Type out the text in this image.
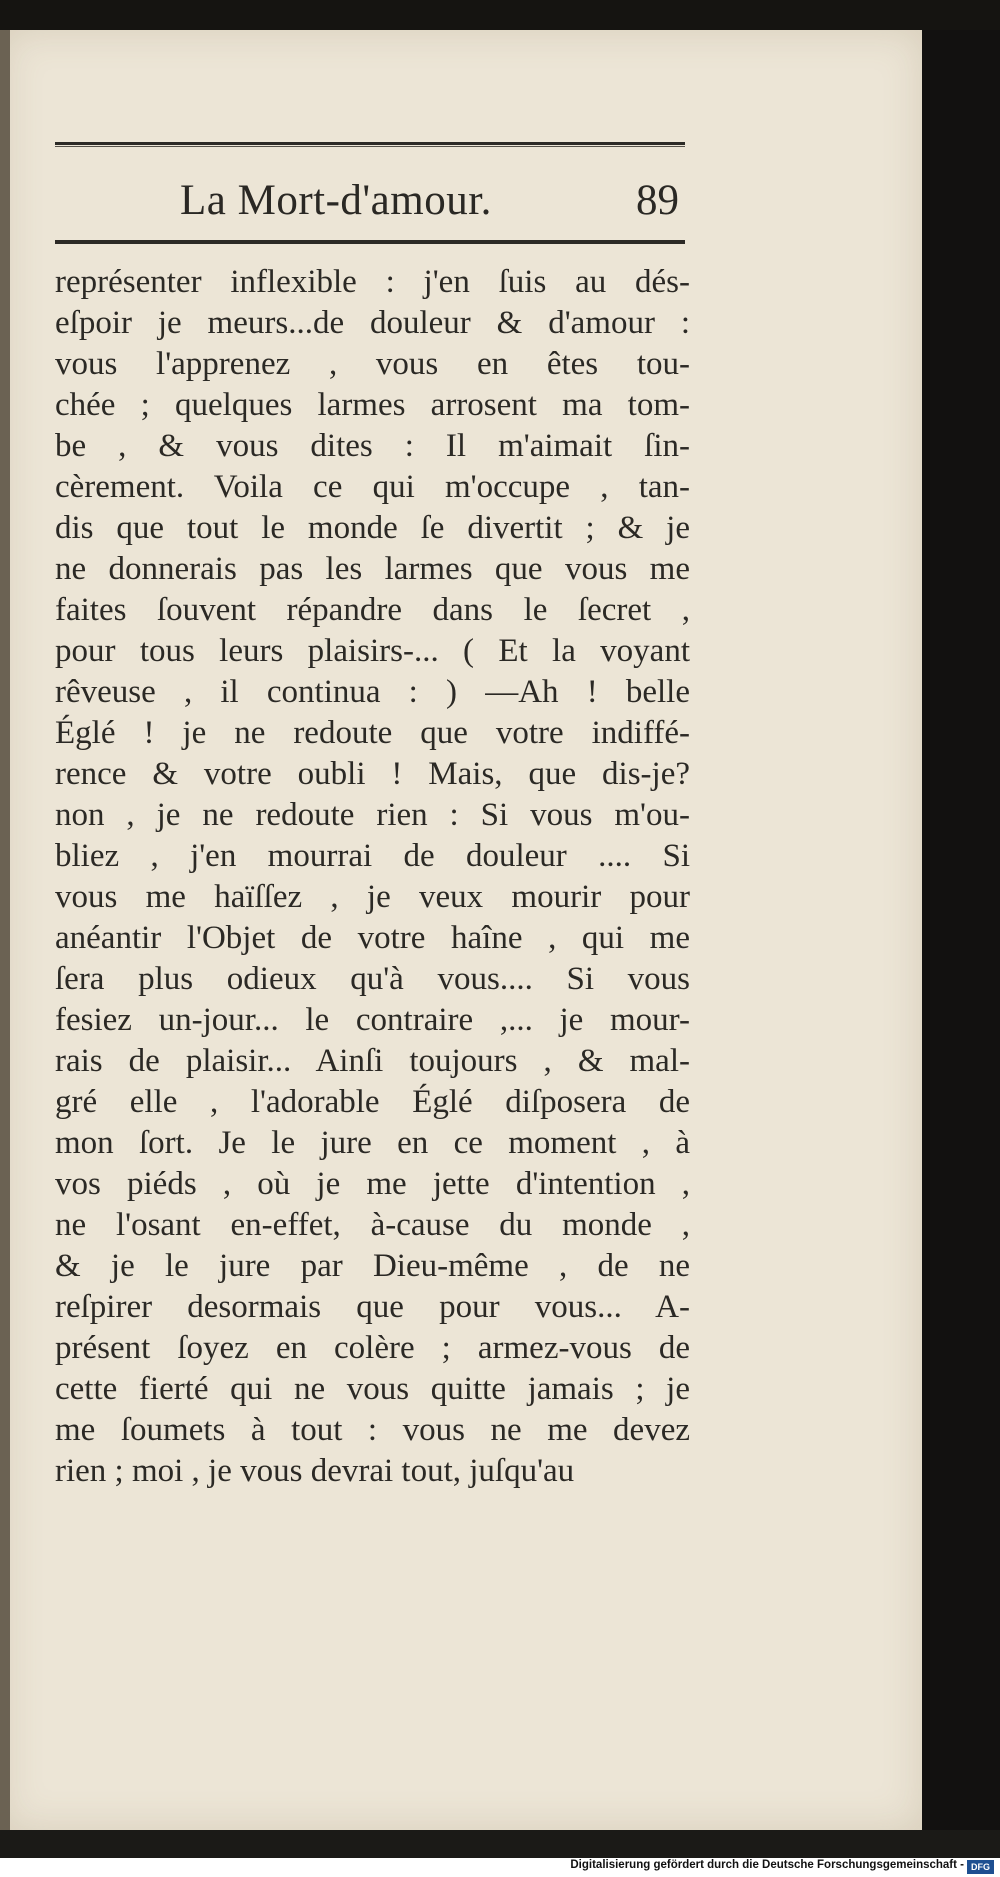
La Mort-d'amour.	89
représenter inflexible : j'en ſuis au dés-
eſpoir je meurs...de douleur & d'amour :
vous l'apprenez , vous en êtes tou-
chée ; quelques larmes arrosent ma tom-
be , & vous dites : Il m'aimait ſin-
cèrement. Voila ce qui m'occupe , tan-
dis que tout le monde ſe divertit ; & je
ne donnerais pas les larmes que vous me
faites ſouvent répandre dans le ſecret ,
pour tous leurs plaisirs-... ( Et la voyant
rêveuse , il continua : ) —Ah ! belle
Églé ! je ne redoute que votre indiffé-
rence & votre oubli ! Mais, que dis-je?
non , je ne redoute rien : Si vous m'ou-
bliez , j'en mourrai de douleur .... Si
vous me haïſſez , je veux mourir pour
anéantir l'Objet de votre haîne , qui me
ſera plus odieux qu'à vous.... Si vous
fesiez un-jour... le contraire ,... je mour-
rais de plaisir... Ainſi toujours , & mal-
gré elle , l'adorable Églé diſposera de
mon ſort. Je le jure en ce moment , à
vos piéds , où je me jette d'intention ,
ne l'osant en-effet, à-cause du monde ,
& je le jure par Dieu-même , de ne
reſpirer desormais que pour vous... A-
présent ſoyez en colère ; armez-vous de
cette fierté qui ne vous quitte jamais ; je
me ſoumets à tout : vous ne me devez
rien ; moi , je vous devrai tout, juſqu'au
Digitalisierung gefördert durch die Deutsche Forschungsgemeinschaft - DFG
